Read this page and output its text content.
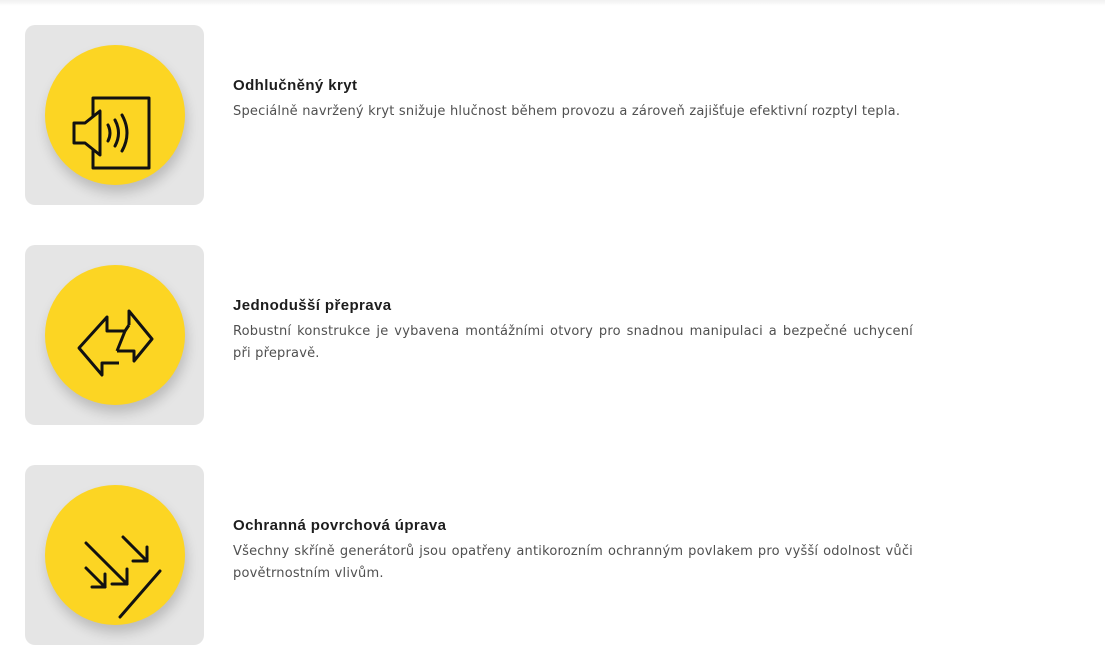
Odhlučněný kryt

Speciálně navržený kryt snižuje hlučnost během provozu a zároveň zajišťuje efektivní rozptyl tepla.

Jednodušší přeprava

Robustní konstrukce je vybavena montážními otvory pro snadnou manipulaci a bezpečné uchycení při přepravě.

Ochranná povrchová úprava

Všechny skříně generátorů jsou opatřeny antikorozním ochranným povlakem pro vyšší odolnost vůči povětrnostním vlivům.
